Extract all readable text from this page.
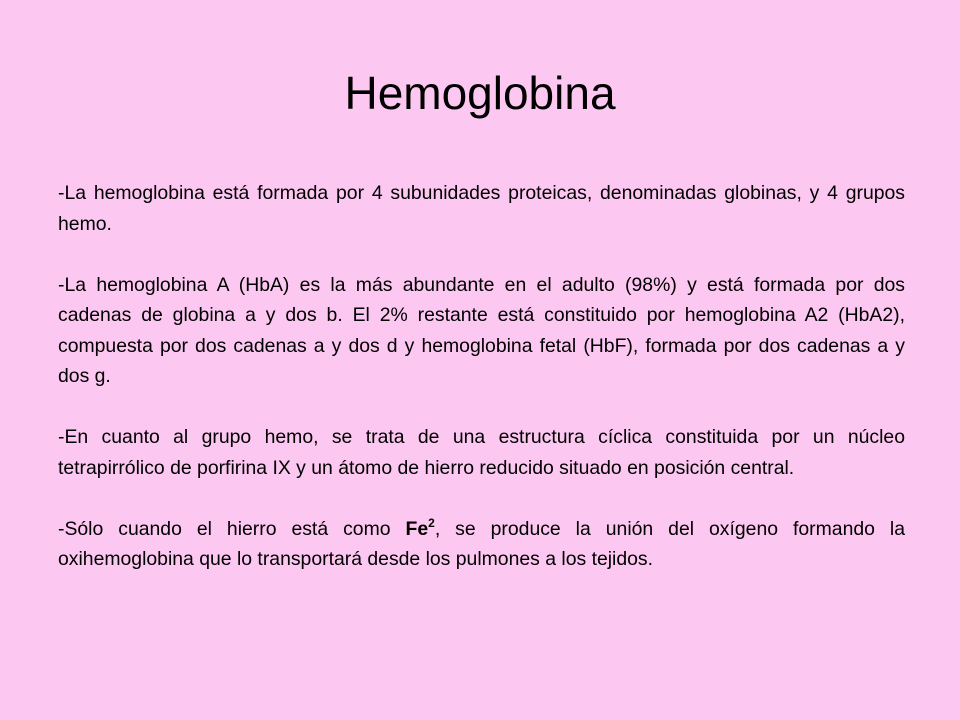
Hemoglobina

-La hemoglobina está formada por 4 subunidades proteicas, denominadas globinas, y 4 grupos hemo.

-La hemoglobina A (HbA) es la más abundante en el adulto (98%) y está formada por dos cadenas de globina a y dos b. El 2% restante está constituido por hemoglobina A2 (HbA2), compuesta por dos cadenas a y dos d y hemoglobina fetal (HbF), formada por dos cadenas a y dos g.

-En cuanto al grupo hemo, se trata de una estructura cíclica constituida por un núcleo tetrapirrólico de porfirina IX y un átomo de hierro reducido situado en posición central.

-Sólo cuando el hierro está como Fe$^2$, se produce la unión del oxígeno formando la oxihemoglobina que lo transportará desde los pulmones a los tejidos.
